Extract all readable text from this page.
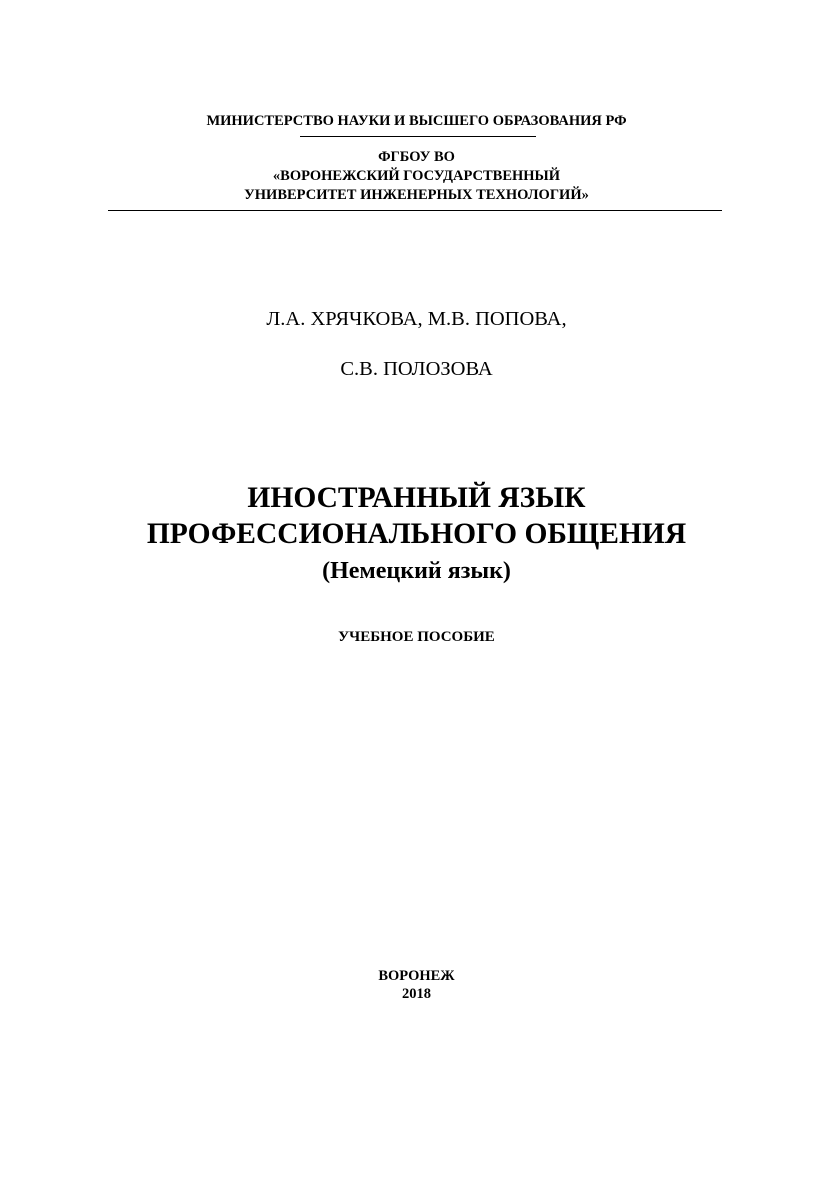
МИНИСТЕРСТВО НАУКИ И ВЫСШЕГО ОБРАЗОВАНИЯ РФ
ФГБОУ ВО
«ВОРОНЕЖСКИЙ ГОСУДАРСТВЕННЫЙ
УНИВЕРСИТЕТ ИНЖЕНЕРНЫХ ТЕХНОЛОГИЙ»
Л.А. ХРЯЧКОВА, М.В. ПОПОВА,
С.В. ПОЛОЗОВА
ИНОСТРАННЫЙ ЯЗЫК
ПРОФЕССИОНАЛЬНОГО ОБЩЕНИЯ
(Немецкий язык)
УЧЕБНОЕ ПОСОБИЕ
ВОРОНЕЖ
2018
